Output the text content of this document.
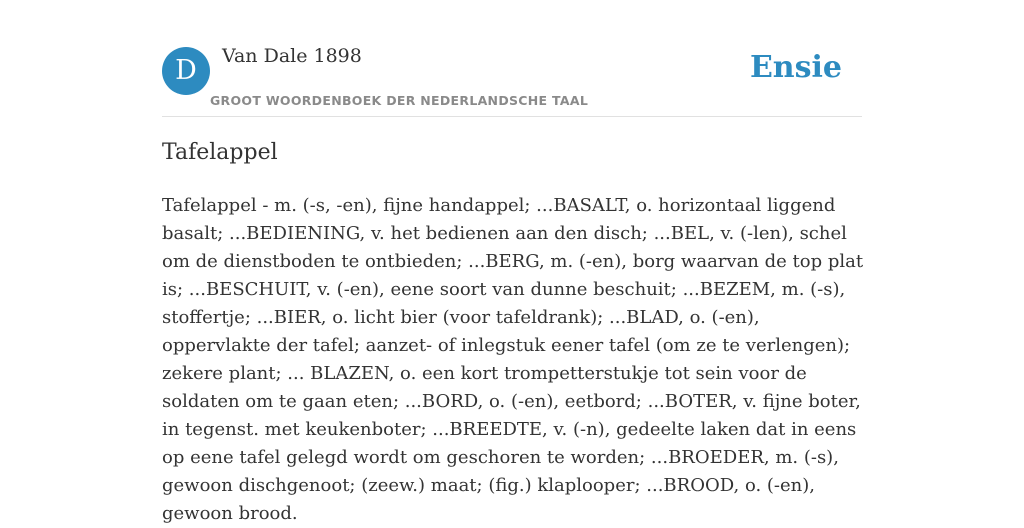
D	Van Dale 1898
GROOT WOORDENBOEK DER NEDERLANDSCHE TAAL
Ensie
Tafelappel

Tafelappel - m. (-s, -en), fijne handappel; ...BASALT, o. horizontaal liggend basalt; ...BEDIENING, v. het bedienen aan den disch; ...BEL, v. (-len), schel om de dienstboden te ontbieden; ...BERG, m. (-en), borg waarvan de top plat is; ...BESCHUIT, v. (-en), eene soort van dunne beschuit; ...BEZEM, m. (-s), stoffertje; ...BIER, o. licht bier (voor tafeldrank); ...BLAD, o. (-en), oppervlakte der tafel; aanzet- of inlegstuk eener tafel (om ze te verlengen); zekere plant; ... BLAZEN, o. een kort trompetterstukje tot sein voor de soldaten om te gaan eten; ...BORD, o. (-en), eetbord; ...BOTER, v. fijne boter, in tegenst. met keukenboter; ...BREEDTE, v. (-n), gedeelte laken dat in eens op eene tafel gelegd wordt om geschoren te worden; ...BROEDER, m. (-s), gewoon dischgenoot; (zeew.) maat; (fig.) klaplooper; ...BROOD, o. (-en), gewoon brood.
